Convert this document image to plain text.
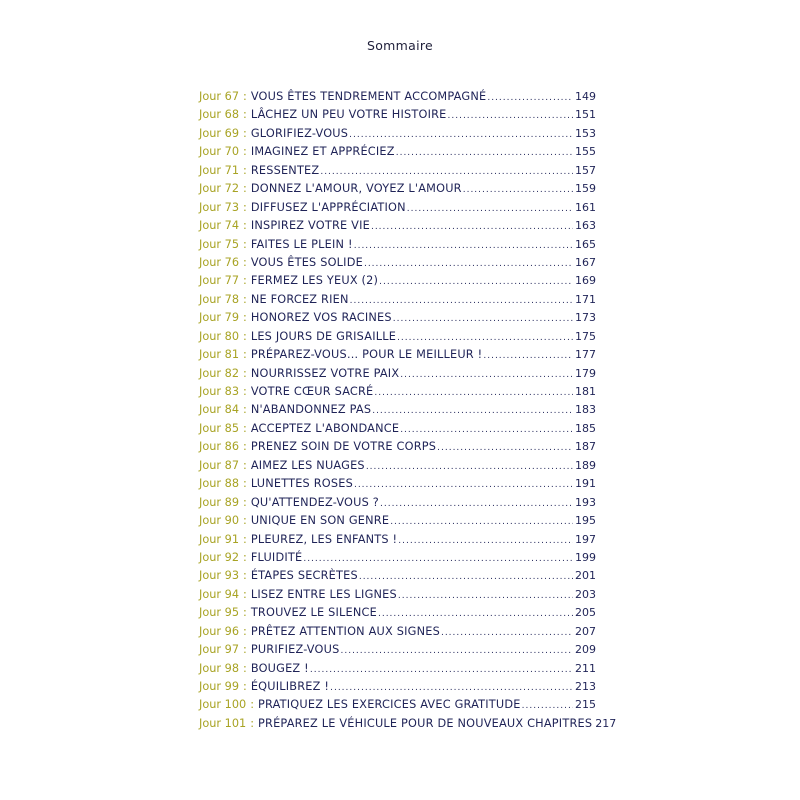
Sommaire
Jour 67 : VOUS ÊTES TENDREMENT ACCOMPAGNÉ .....	149
Jour 68 : LÂCHEZ UN PEU VOTRE HISTOIRE .....	151
Jour 69 : GLORIFIEZ-VOUS .....	153
Jour 70 : IMAGINEZ ET APPRÉCIEZ .....	155
Jour 71 : RESSENTEZ .....	157
Jour 72 : DONNEZ L'AMOUR, VOYEZ L'AMOUR .....	159
Jour 73 : DIFFUSEZ L'APPRÉCIATION .....	161
Jour 74 : INSPIREZ VOTRE VIE .....	163
Jour 75 : FAITES LE PLEIN ! .....	165
Jour 76 : VOUS ÊTES SOLIDE .....	167
Jour 77 : FERMEZ LES YEUX (2) .....	169
Jour 78 : NE FORCEZ RIEN .....	171
Jour 79 : HONOREZ VOS RACINES .....	173
Jour 80 : LES JOURS DE GRISAILLE .....	175
Jour 81 : PRÉPAREZ-VOUS… POUR LE MEILLEUR ! .....	177
Jour 82 : NOURRISSEZ VOTRE PAIX .....	179
Jour 83 : VOTRE CŒUR SACRÉ .....	181
Jour 84 : N'ABANDONNEZ PAS .....	183
Jour 85 : ACCEPTEZ L'ABONDANCE .....	185
Jour 86 : PRENEZ SOIN DE VOTRE CORPS .....	187
Jour 87 : AIMEZ LES NUAGES .....	189
Jour 88 : LUNETTES ROSES .....	191
Jour 89 : QU'ATTENDEZ-VOUS ? .....	193
Jour 90 : UNIQUE EN SON GENRE .....	195
Jour 91 : PLEUREZ, LES ENFANTS ! .....	197
Jour 92 : FLUIDITÉ .....	199
Jour 93 : ÉTAPES SECRÈTES .....	201
Jour 94 : LISEZ ENTRE LES LIGNES .....	203
Jour 95 : TROUVEZ LE SILENCE .....	205
Jour 96 : PRÊTEZ ATTENTION AUX SIGNES .....	207
Jour 97 : PURIFIEZ-VOUS .....	209
Jour 98 : BOUGEZ ! .....	211
Jour 99 : ÉQUILIBREZ ! .....	213
Jour 100 : PRATIQUEZ LES EXERCICES AVEC GRATITUDE .....	215
Jour 101 : PRÉPAREZ LE VÉHICULE POUR DE NOUVEAUX CHAPITRES 217
